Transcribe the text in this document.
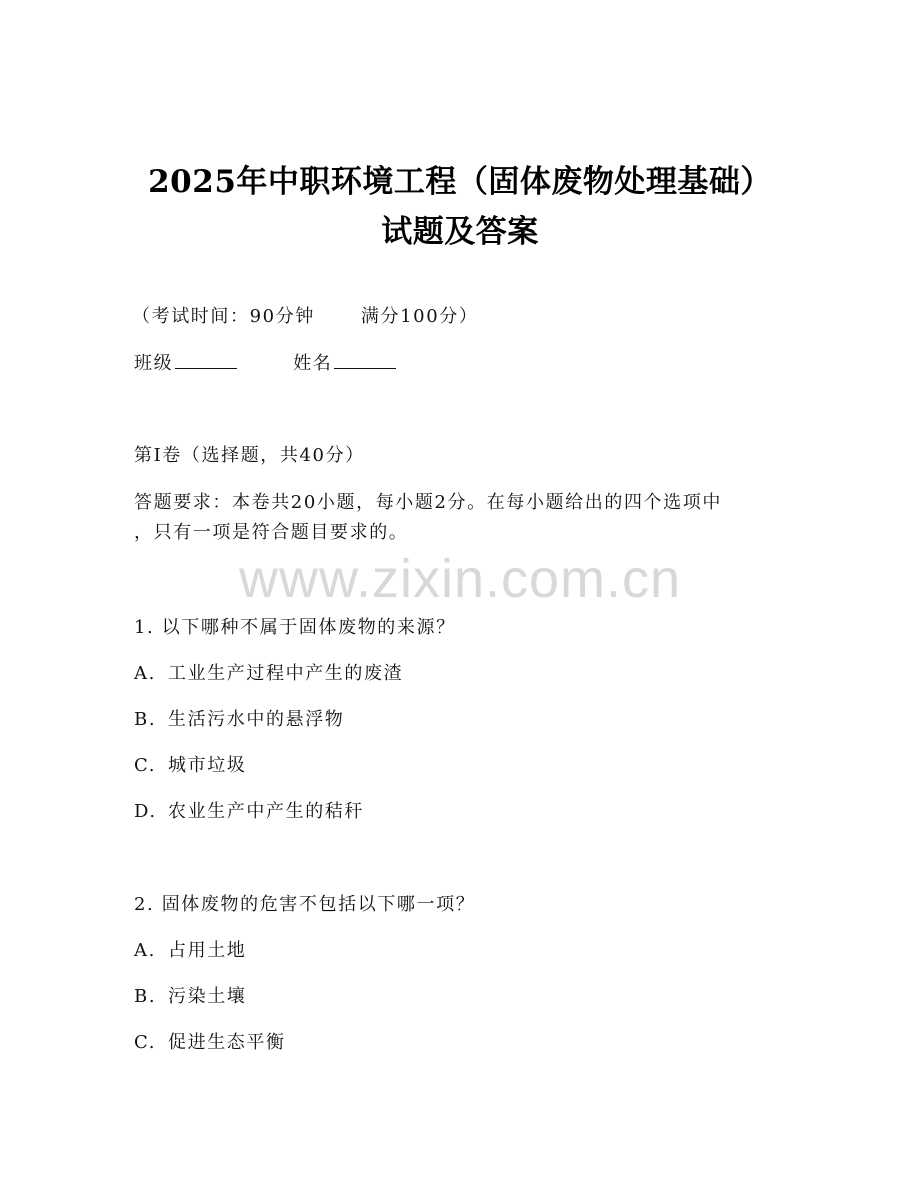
2025年中职环境工程（固体废物处理基础）
试题及答案
（考试时间：90分钟	满分100分）
班级	姓名
第I卷（选择题，共40分）
答题要求：本卷共20小题，每小题2分。在每小题给出的四个选项中
，只有一项是符合题目要求的。
www.zixin.com.cn
1. 以下哪种不属于固体废物的来源？
A. 工业生产过程中产生的废渣
B. 生活污水中的悬浮物
C. 城市垃圾
D. 农业生产中产生的秸秆
2. 固体废物的危害不包括以下哪一项？
A. 占用土地
B. 污染土壤
C. 促进生态平衡
